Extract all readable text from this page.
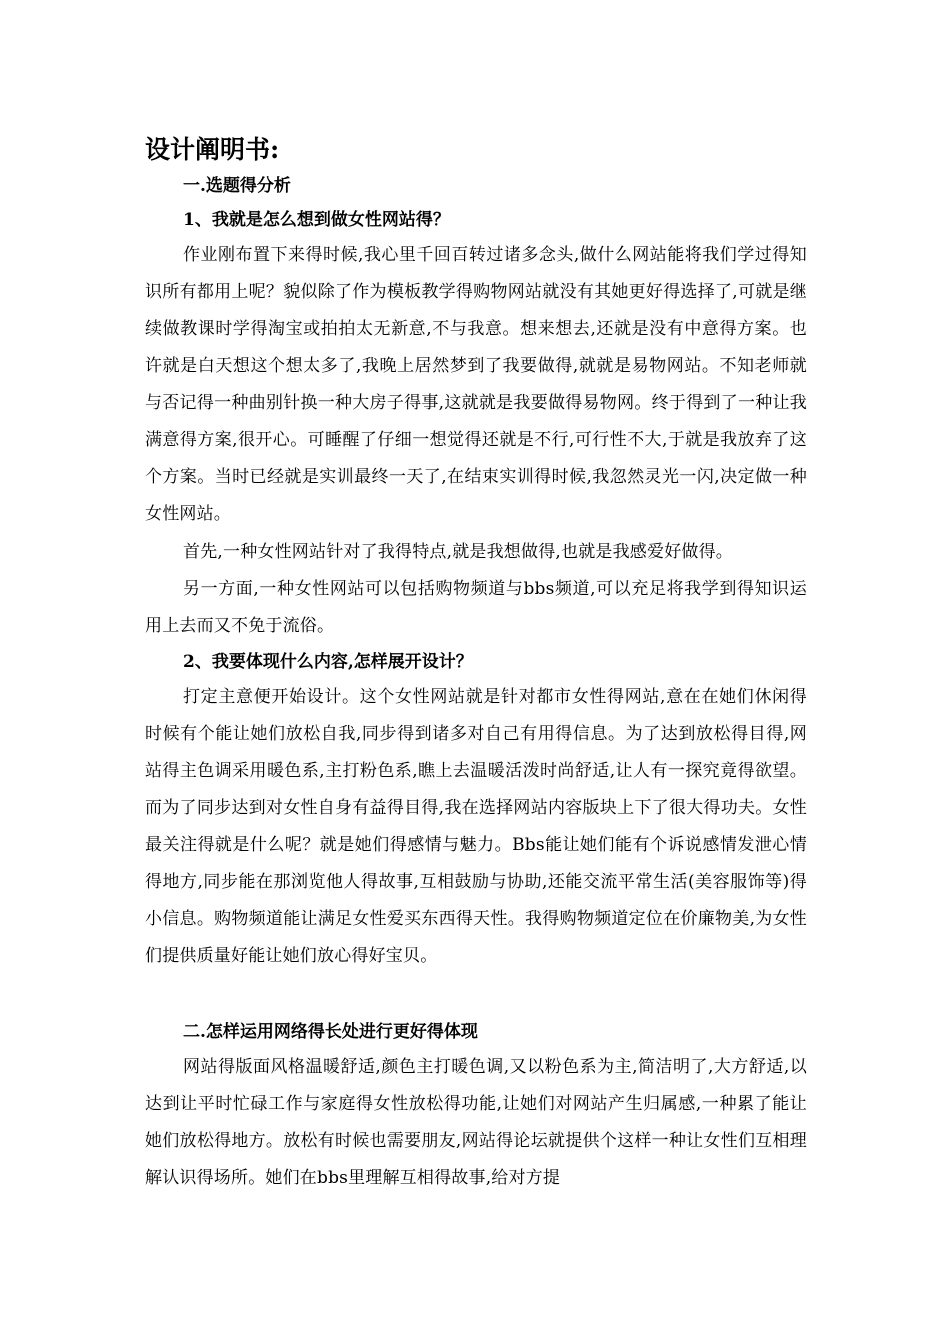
设计阐明书:
一.选题得分析
1、我就是怎么想到做女性网站得？
作业刚布置下来得时候,我心里千回百转过诸多念头,做什么网站能将我们学过得知识所有都用上呢？貌似除了作为模板教学得购物网站就没有其她更好得选择了,可就是继续做教课时学得淘宝或拍拍太无新意,不与我意。想来想去,还就是没有中意得方案。也许就是白天想这个想太多了,我晚上居然梦到了我要做得,就就是易物网站。不知老师就与否记得一种曲别针换一种大房子得事,这就就是我要做得易物网。终于得到了一种让我满意得方案,很开心。可睡醒了仔细一想觉得还就是不行,可行性不大,于就是我放弃了这个方案。当时已经就是实训最终一天了,在结束实训得时候,我忽然灵光一闪,决定做一种女性网站。
首先,一种女性网站针对了我得特点,就是我想做得,也就是我感爱好做得。
另一方面,一种女性网站可以包括购物频道与bbs频道,可以充足将我学到得知识运用上去而又不免于流俗。
2、我要体现什么内容,怎样展开设计？
打定主意便开始设计。这个女性网站就是针对都市女性得网站,意在在她们休闲得时候有个能让她们放松自我,同步得到诸多对自己有用得信息。为了达到放松得目得,网站得主色调采用暖色系,主打粉色系,瞧上去温暖活泼时尚舒适,让人有一探究竟得欲望。而为了同步达到对女性自身有益得目得,我在选择网站内容版块上下了很大得功夫。女性最关注得就是什么呢？就是她们得感情与魅力。Bbs能让她们能有个诉说感情发泄心情得地方,同步能在那浏览他人得故事,互相鼓励与协助,还能交流平常生活(美容服饰等)得小信息。购物频道能让满足女性爱买东西得天性。我得购物频道定位在价廉物美,为女性们提供质量好能让她们放心得好宝贝。
二.怎样运用网络得长处进行更好得体现
网站得版面风格温暖舒适,颜色主打暖色调,又以粉色系为主,简洁明了,大方舒适,以达到让平时忙碌工作与家庭得女性放松得功能,让她们对网站产生归属感,一种累了能让她们放松得地方。放松有时候也需要朋友,网站得论坛就提供个这样一种让女性们互相理解认识得场所。她们在bbs里理解互相得故事,给对方提
